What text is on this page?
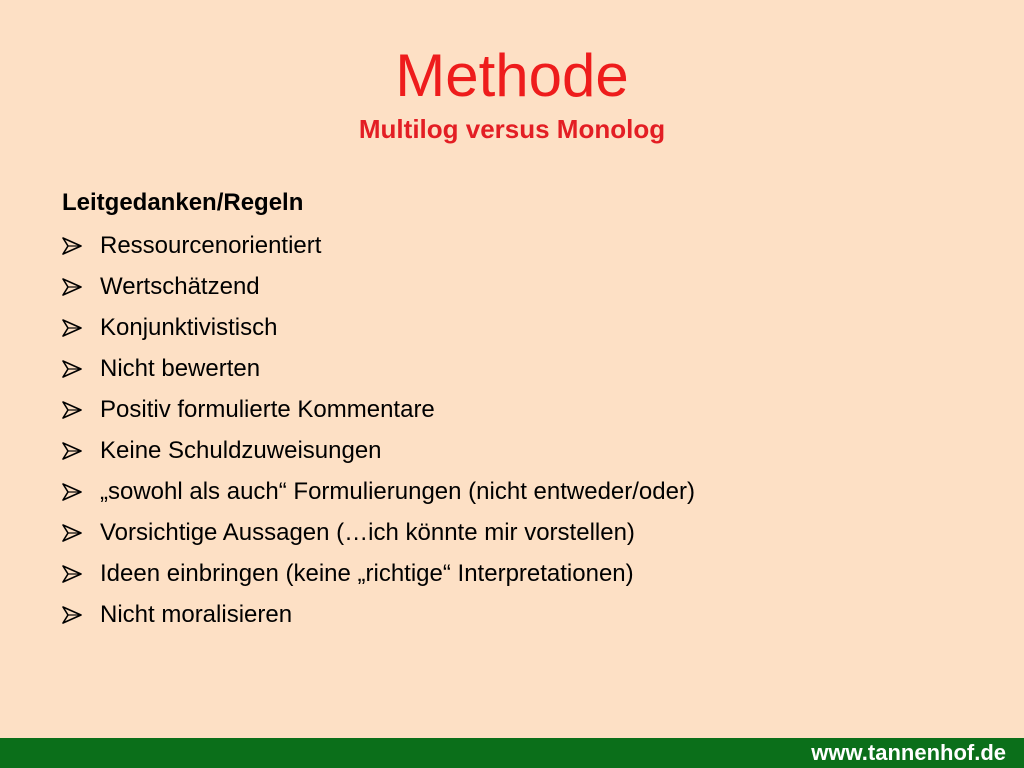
Methode
Multilog versus Monolog

Leitgedanken/Regeln

Ressourcenorientiert
Wertschätzend
Konjunktivistisch
Nicht bewerten
Positiv formulierte Kommentare
Keine Schuldzuweisungen
„sowohl als auch“ Formulierungen (nicht entweder/oder)
Vorsichtige Aussagen (…ich könnte mir vorstellen)
Ideen einbringen (keine „richtige“ Interpretationen)
Nicht moralisieren
www.tannenhof.de
